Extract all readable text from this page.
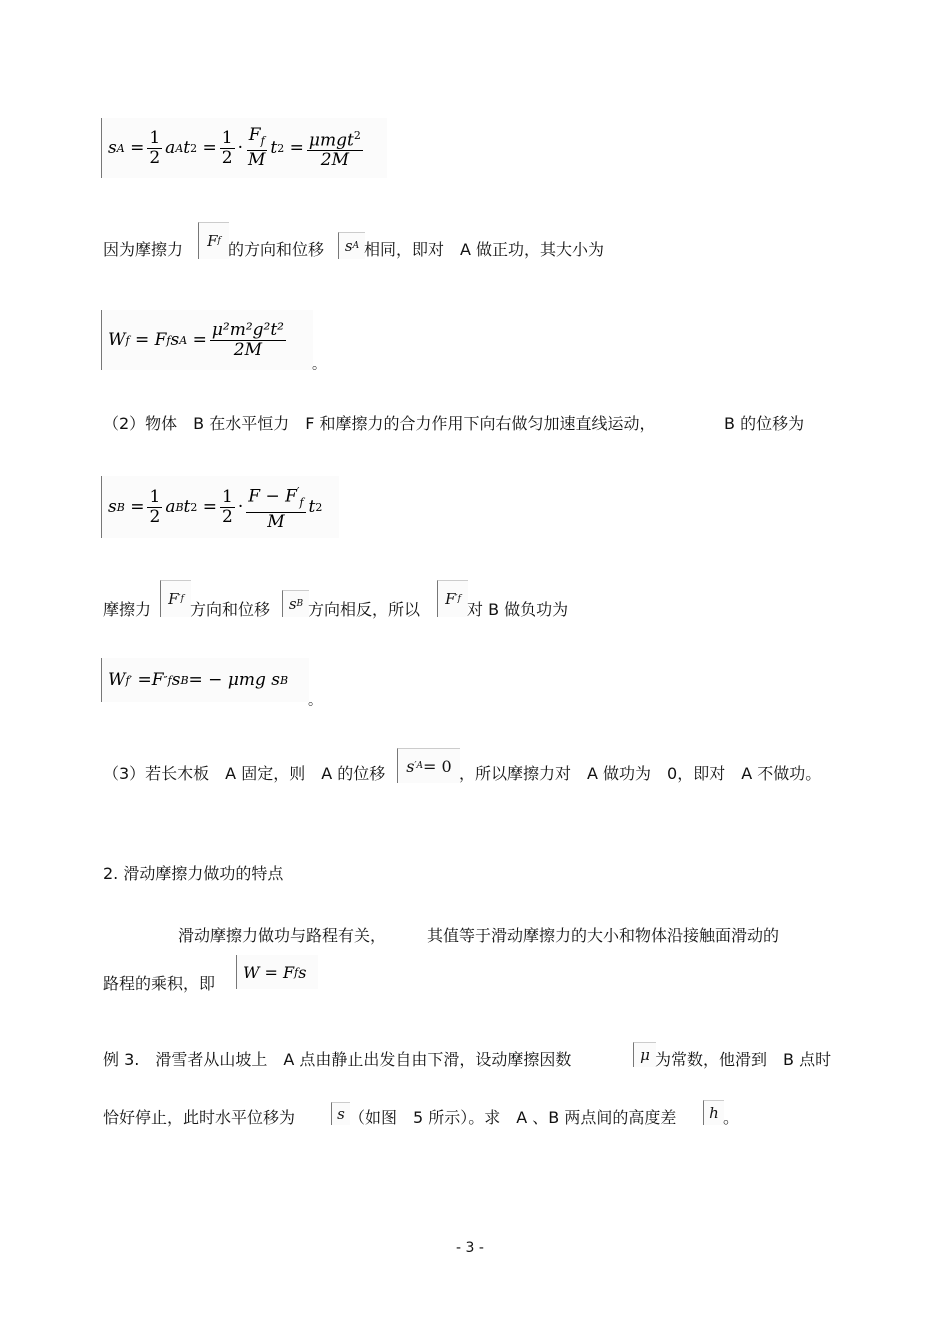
s $A = \frac{1}{2}$ a A t $2 = \frac{1}{2} \cdot \frac{F_f}{M}$ t $2 = \frac{\mu mgt^2}{2M}$
因为摩擦力 F f 的方向和位移 s A 相同，即对　A 做正功，其大小为
W f = F f s $A = \frac{\text{μ²m²g²t²}}{2M}$
。
（2）物体　B 在水平恒力　F 和摩擦力的合力作用下向右做匀加速直线运动，	B 的位移为
s $B = \frac{1}{2}$ a B t $2 = \frac{1}{2} \cdot \frac{F - F'_f}{M}$ t 2
摩擦力
F ′ f
方向和位移 s B 方向相反，所以
F ′ f
对 B 做负功为
W f′ = F ″ f s B = − μmg s B
。
（3）若长木板　A 固定，则　A 的位移 s ′ A = 0 ，所以摩擦力对　A 做功为　0，即对　A 不做功。
2. 滑动摩擦力做功的特点
滑动摩擦力做功与路程有关，	其值等于滑动摩擦力的大小和物体沿接触面滑动的
路程的乘积，即
W = F f s
例 3.　滑雪者从山坡上　A 点由静止出发自由下滑，设动摩擦因数	μ 为常数，他滑到　B 点时
恰好停止，此时水平位移为	s （如图　5 所示）。求　A 、B 两点间的高度差	h 。
- 3 -
